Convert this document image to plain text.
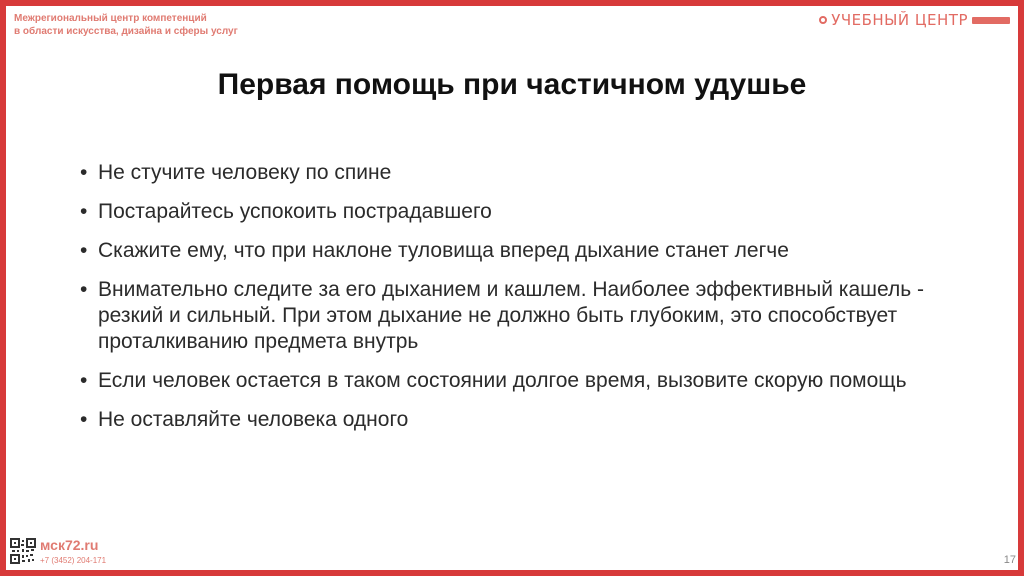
Межрегиональный центр компетенций
в области искусства, дизайна и сферы услуг
УЧЕБНЫЙ ЦЕНТР

Первая помощь при частичном удушье
• Не стучите человеку по спине
• Постарайтесь успокоить пострадавшего
• Скажите ему, что при наклоне туловища вперед дыхание станет легче
• Внимательно следите за его дыханием и кашлем. Наиболее эффективный кашель - резкий и сильный. При этом дыхание не должно быть глубоким, это способствует проталкиванию предмета внутрь
• Если человек остается в таком состоянии долгое время, вызовите скорую помощь
• Не оставляйте человека одного
мск72.ru
+7 (3452) 204-171	17
